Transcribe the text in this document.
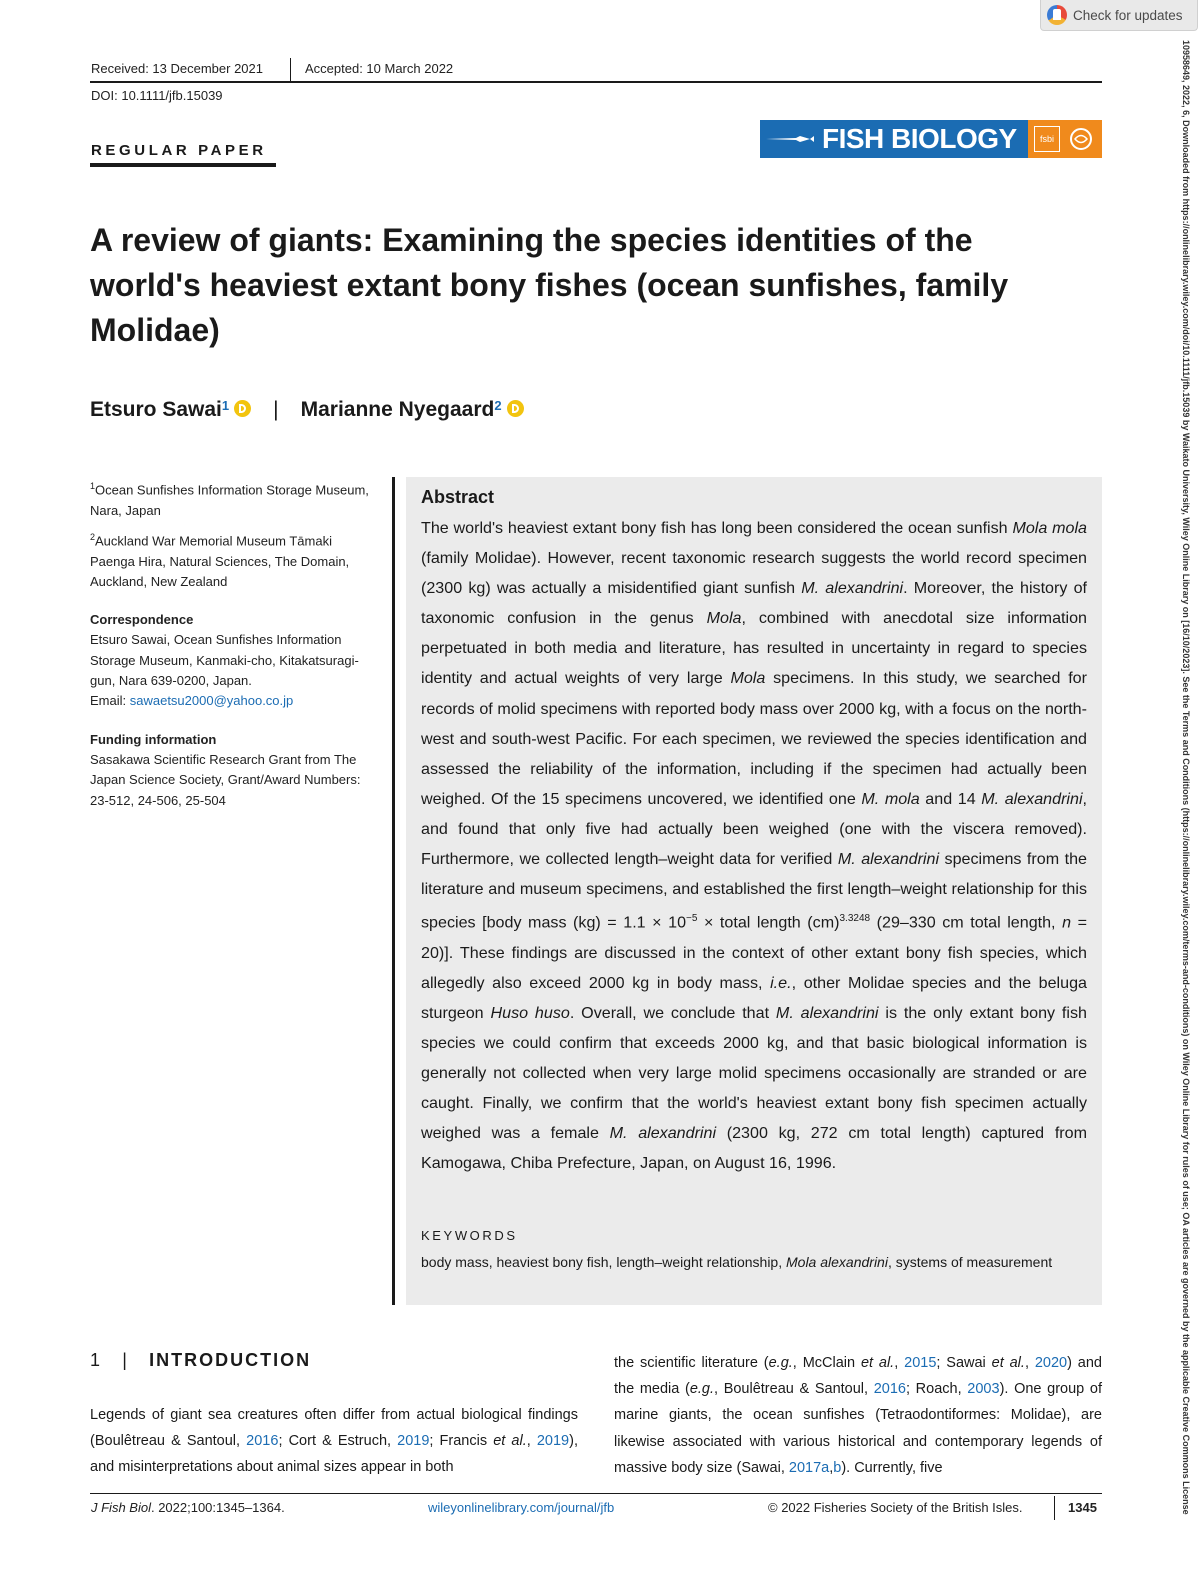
Check for updates
Received: 13 December 2021	Accepted: 10 March 2022
DOI: 10.1111/jfb.15039
REGULAR PAPER	FISH BIOLOGY	fsbi
A review of giants: Examining the species identities of the world's heaviest extant bony fishes (ocean sunfishes, family Molidae)
Etsuro Sawai$^1$ | Marianne Nyegaard$^2$
$^1$Ocean Sunfishes Information Storage Museum, Nara, Japan
$^2$Auckland War Memorial Museum Tāmaki Paenga Hira, Natural Sciences, The Domain, Auckland, New Zealand
Correspondence
Etsuro Sawai, Ocean Sunfishes Information Storage Museum, Kanmaki-cho, Kitakatsuragi-gun, Nara 639-0200, Japan.
Email: sawaetsu2000@yahoo.co.jp
Funding information
Sasakawa Scientific Research Grant from The Japan Science Society, Grant/Award Numbers: 23-512, 24-506, 25-504
Abstract
The world's heaviest extant bony fish has long been considered the ocean sunfish Mola mola (family Molidae). However, recent taxonomic research suggests the world record specimen (2300 kg) was actually a misidentified giant sunfish M. alexandrini. Moreover, the history of taxonomic confusion in the genus Mola, combined with anecdotal size information perpetuated in both media and literature, has resulted in uncertainty in regard to species identity and actual weights of very large Mola specimens. In this study, we searched for records of molid specimens with reported body mass over 2000 kg, with a focus on the north-west and south-west Pacific. For each specimen, we reviewed the species identification and assessed the reliability of the information, including if the specimen had actually been weighed. Of the 15 specimens uncovered, we identified one M. mola and 14 M. alexandrini, and found that only five had actually been weighed (one with the viscera removed). Furthermore, we collected length–weight data for verified M. alexandrini specimens from the literature and museum specimens, and established the first length–weight relationship for this species [body mass $(kg) = 1.1 \times 10^{-5}$ × total length (cm)$^{3.3248}$ (29–330 cm total length, n = 20)]. These findings are discussed in the context of other extant bony fish species, which allegedly also exceed 2000 kg in body mass, i.e., other Molidae species and the beluga sturgeon Huso huso. Overall, we conclude that M. alexandrini is the only extant bony fish species we could confirm that exceeds 2000 kg, and that basic biological information is generally not collected when very large molid specimens occasionally are stranded or are caught. Finally, we confirm that the world's heaviest extant bony fish specimen actually weighed was a female M. alexandrini (2300 kg, 272 cm total length) captured from Kamogawa, Chiba Prefecture, Japan, on August 16, 1996.
KEYWORDS
body mass, heaviest bony fish, length–weight relationship, Mola alexandrini, systems of measurement
1 | INTRODUCTION
Legends of giant sea creatures often differ from actual biological findings (Boulêtreau & Santoul, 2016; Cort & Estruch, 2019; Francis et al., 2019), and misinterpretations about animal sizes appear in both
the scientific literature (e.g., McClain et al., 2015; Sawai et al., 2020) and the media (e.g., Boulêtreau & Santoul, 2016; Roach, 2003). One group of marine giants, the ocean sunfishes (Tetraodontiformes: Molidae), are likewise associated with various historical and contemporary legends of massive body size (Sawai, 2017a,b). Currently, five
J Fish Biol. 2022;100:1345–1364.	wileyonlinelibrary.com/journal/jfb	© 2022 Fisheries Society of the British Isles.	1345	10958649, 2022, 6, Downloaded from https://onlinelibrary.wiley.com/doi/10.1111/jfb.15039 by Waikato University, Wiley Online Library on [16/10/2023]. See the Terms and Conditions (https://onlinelibrary.wiley.com/terms-and-conditions) on Wiley Online Library for rules of use; OA articles are governed by the applicable Creative Commons License
